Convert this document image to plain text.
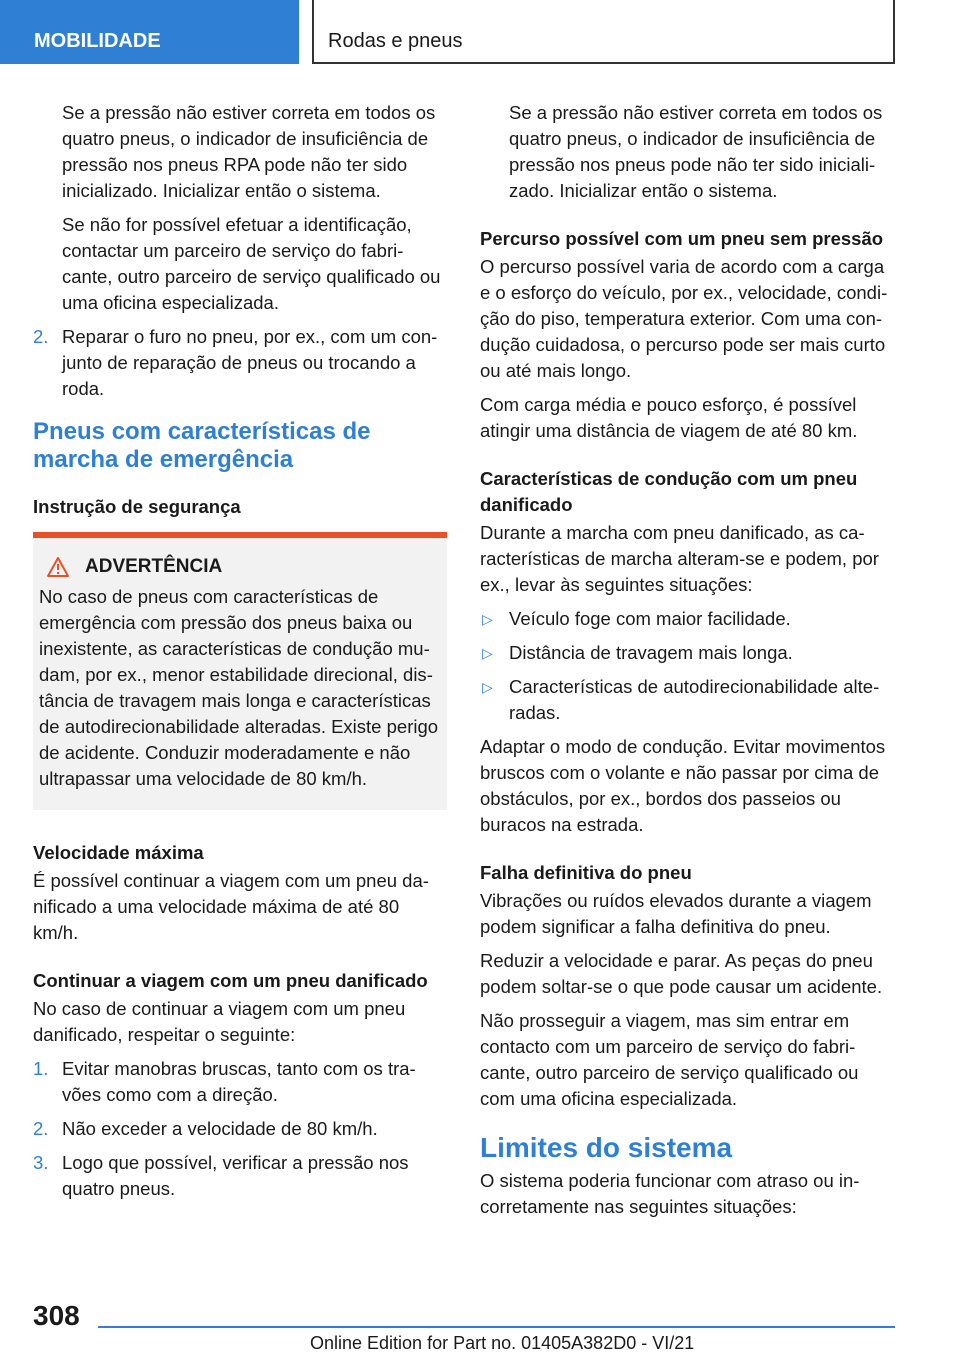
MOBILIDADE	Rodas e pneus

Se a pressão não estiver correta em todos os quatro pneus, o indicador de insuficiência de pressão nos pneus RPA pode não ter sido inicializado. Inicializar então o sistema.

Se não for possível efetuar a identificação, contactar um parceiro de serviço do fabricante, outro parceiro de serviço qualificado ou uma oficina especializada.

2. Reparar o furo no pneu, por ex., com um conjunto de reparação de pneus ou trocando a roda.
Pneus com características de marcha de emergência
Instrução de segurança
ADVERTÊNCIA

No caso de pneus com características de emergência com pressão dos pneus baixa ou inexistente, as características de condução mudam, por ex., menor estabilidade direcional, distância de travagem mais longa e características de autodirecionabilidade alteradas. Existe perigo de acidente. Conduzir moderadamente e não ultrapassar uma velocidade de 80 km/h.

Velocidade máxima

É possível continuar a viagem com um pneu danificado a uma velocidade máxima de até 80 km/h.

Continuar a viagem com um pneu danificado

No caso de continuar a viagem com um pneu danificado, respeitar o seguinte:

1. Evitar manobras bruscas, tanto com os travões como com a direção.
2. Não exceder a velocidade de 80 km/h.
3. Logo que possível, verificar a pressão nos quatro pneus.

Se a pressão não estiver correta em todos os quatro pneus, o indicador de insuficiência de pressão nos pneus pode não ter sido inicializado. Inicializar então o sistema.

Percurso possível com um pneu sem pressão

O percurso possível varia de acordo com a carga e o esforço do veículo, por ex., velocidade, condição do piso, temperatura exterior. Com uma condução cuidadosa, o percurso pode ser mais curto ou até mais longo.

Com carga média e pouco esforço, é possível atingir uma distância de viagem de até 80 km.

Características de condução com um pneu danificado

Durante a marcha com pneu danificado, as características de marcha alteram-se e podem, por ex., levar às seguintes situações:

▷ Veículo foge com maior facilidade.
▷ Distância de travagem mais longa.
▷ Características de autodirecionabilidade alteradas.

Adaptar o modo de condução. Evitar movimentos bruscos com o volante e não passar por cima de obstáculos, por ex., bordos dos passeios ou buracos na estrada.

Falha definitiva do pneu

Vibrações ou ruídos elevados durante a viagem podem significar a falha definitiva do pneu.

Reduzir a velocidade e parar. As peças do pneu podem soltar-se o que pode causar um acidente.

Não prosseguir a viagem, mas sim entrar em contacto com um parceiro de serviço do fabricante, outro parceiro de serviço qualificado ou com uma oficina especializada.

Limites do sistema

O sistema poderia funcionar com atraso ou incorretamente nas seguintes situações:

308
Online Edition for Part no. 01405A382D0 - VI/21
